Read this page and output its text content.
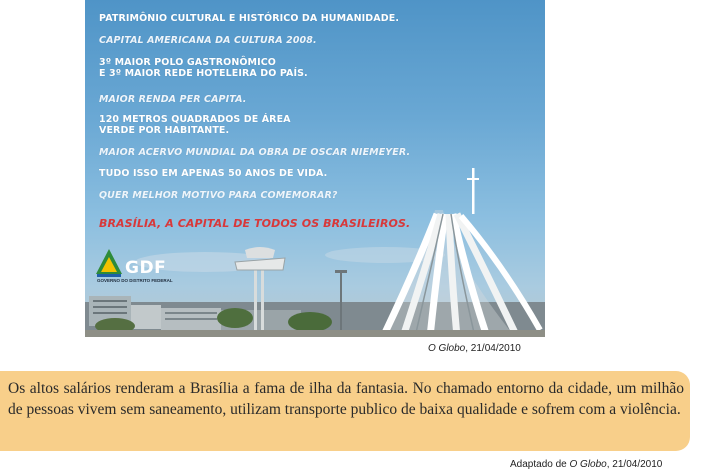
PATRIMÔNIO CULTURAL E HISTÓRICO DA HUMANIDADE.

CAPITAL AMERICANA DA CULTURA 2008.

3º MAIOR POLO GASTRONÔMICO

E 3º MAIOR REDE HOTELEIRA DO PAÍS.

MAIOR RENDA PER CAPITA.

120 METROS QUADRADOS DE ÁREA

VERDE POR HABITANTE.

MAIOR ACERVO MUNDIAL DA OBRA DE OSCAR NIEMEYER.

TUDO ISSO EM APENAS 50 ANOS DE VIDA.

QUER MELHOR MOTIVO PARA COMEMORAR?

BRASÍLIA, A CAPITAL DE TODOS OS BRASILEIROS.

GDF
GOVERNO DO DISTRITO FEDERAL
O Globo, 21/04/2010

Os altos salários renderam a Brasília a fama de ilha da fantasia. No chamado entorno da cidade, um milhão de pessoas vivem sem saneamento, utilizam transporte publico de baixa qualidade e sofrem com a violência.

Adaptado de O Globo, 21/04/2010
